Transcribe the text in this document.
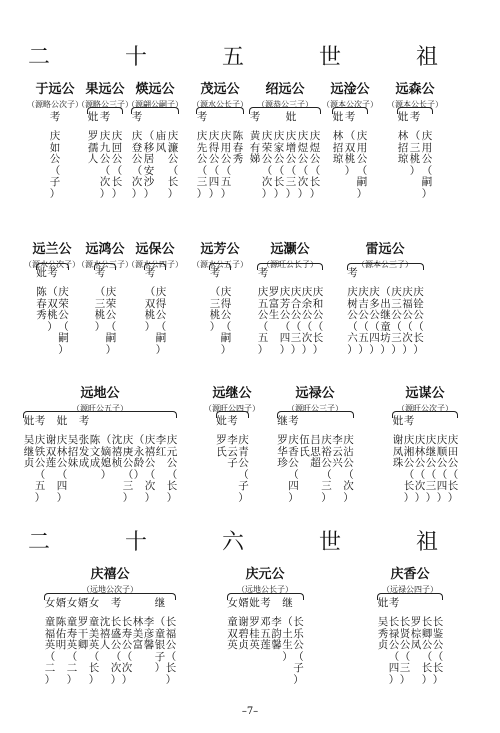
二 十 五 世 祖
二 十 六 世 祖
于远公
（源略公次子）
考
庆
如
公
（
子
）
果远公
（源略公三子）
妣
罗
孺
人
考
庆
九
公
（
次
）
庆
回
公
（
长
）
煐远公
（源翩公嗣子）
考
庆
登
公
（
次
）
（
移
居
安
沙
）
庙
风
庆
濂
公
（
长
）
茂远公
（源水公长子）
考
庆
先
公
（
三
）
庆
得
公
（
四
）
庆
用
公
（
五
）
陈
春
秀
绍远公
（源恭公三子）
考
黄
有
娣
庆
荣
公
（
次
）
庆
家
公
（
长
）
妣
庆
增
公
（
三
）
庆
煜
公
（
次
）
庆
煜
公
（
长
）
远淦公
（源本公次子）
妣
林
招
琼
考
（
双
桃
）
庆
用
公
（
嗣
）
远森公
（源本公长子）
妣
林
招
琼
考
（
三
桃
）
庆
用
公
（
嗣
）
远兰公
（源水公次子）
妣
陈
春
秀
考
（
双
桃
）
庆
荣
公
（
嗣
）
远鸿公
（源水公三子）
考
（
三
桃
）
庆
荣
公
（
嗣
）
远保公
（源水公四子）
考
（
双
桃
）
庆
得
公
（
嗣
）
远芳公
（源水公五子）
考
（
三
桃
）
庆
得
公
（
嗣
）
远灏公
（源旺公长子）
考
庆
五
公
（
五
）
罗
富
生
庆
芳
公
（
四
）
庆
合
公
（
三
）
庆
余
公
（
次
）
庆
和
公
（
长
）
雷远公
（源本公三子）
考
庆
树
公
（
六
）
庆
吉
公
（
五
）
庆
多
公
（
四
）
（
出
继
童
坊
）
庆
三
公
（
三
）
庆
福
公
（
次
）
庆
铨
公
（
长
）
远地公
（源旺公五子）
妣
吴
继
贞
考
庆
铁
公
（
五
）
谢
双
莲
妣
庆
林
公
（
四
）
吴
招
妹
考
张
发
成
陈
文
成
（
嫡
媳
）
沈
禧
桢
庆
庚
公
（
三
）
（
永
龄
）
庆
禧
公
（
次
）
李
红
庆
元
公
（
长
）
远继公
（源旺公四子）
妣
罗
氏
考
李
云
子
庆
青
公
（
子
）
远禄公
（源旺公三子）
继
罗
华
珍
考
庆
香
公
（
四
）
伍
氏
吕
思
超
庆
裕
公
（
三
）
李
云
兴
庆
沾
公
（
次
）
远谋公
（源旺公次子）
妣
谢
凤
珠
考
庆
湘
公
（
长
）
庆
林
公
（
次
）
庆
继
公
（
三
）
庆
顺
公
（
四
）
庆
田
公
（
长
）
庆禧公
（远地公次子）
女
童
福
英
（
二
）
婿
陈
佑
明
女
童
寿
英
（
二
）
婿
罗
干
卿
女
童
美
英
（
长
）
沈
禧
人
考
长
盛
公
（
次
）
长
寿
公
（
次
）
林
美
富
李
彦
馨
继
（
童
银
子
）
长
福
公
（
长
）
庆元公
（远地公长子）
女
童
双
英
婿
谢
碧
贞
妣
罗
桂
英
考
邓
五
莲
李
韵
馨
继
（
土
生
）
长
乐
公
（
子
）
庆香公
（远禄公四子）
妣
吴
秀
贞
考
长
禄
公
（
四
）
长
贤
公
（
三
）
罗
棕
凤
长
卿
公
（
长
）
长
鉴
公
（
长
）
–7–
